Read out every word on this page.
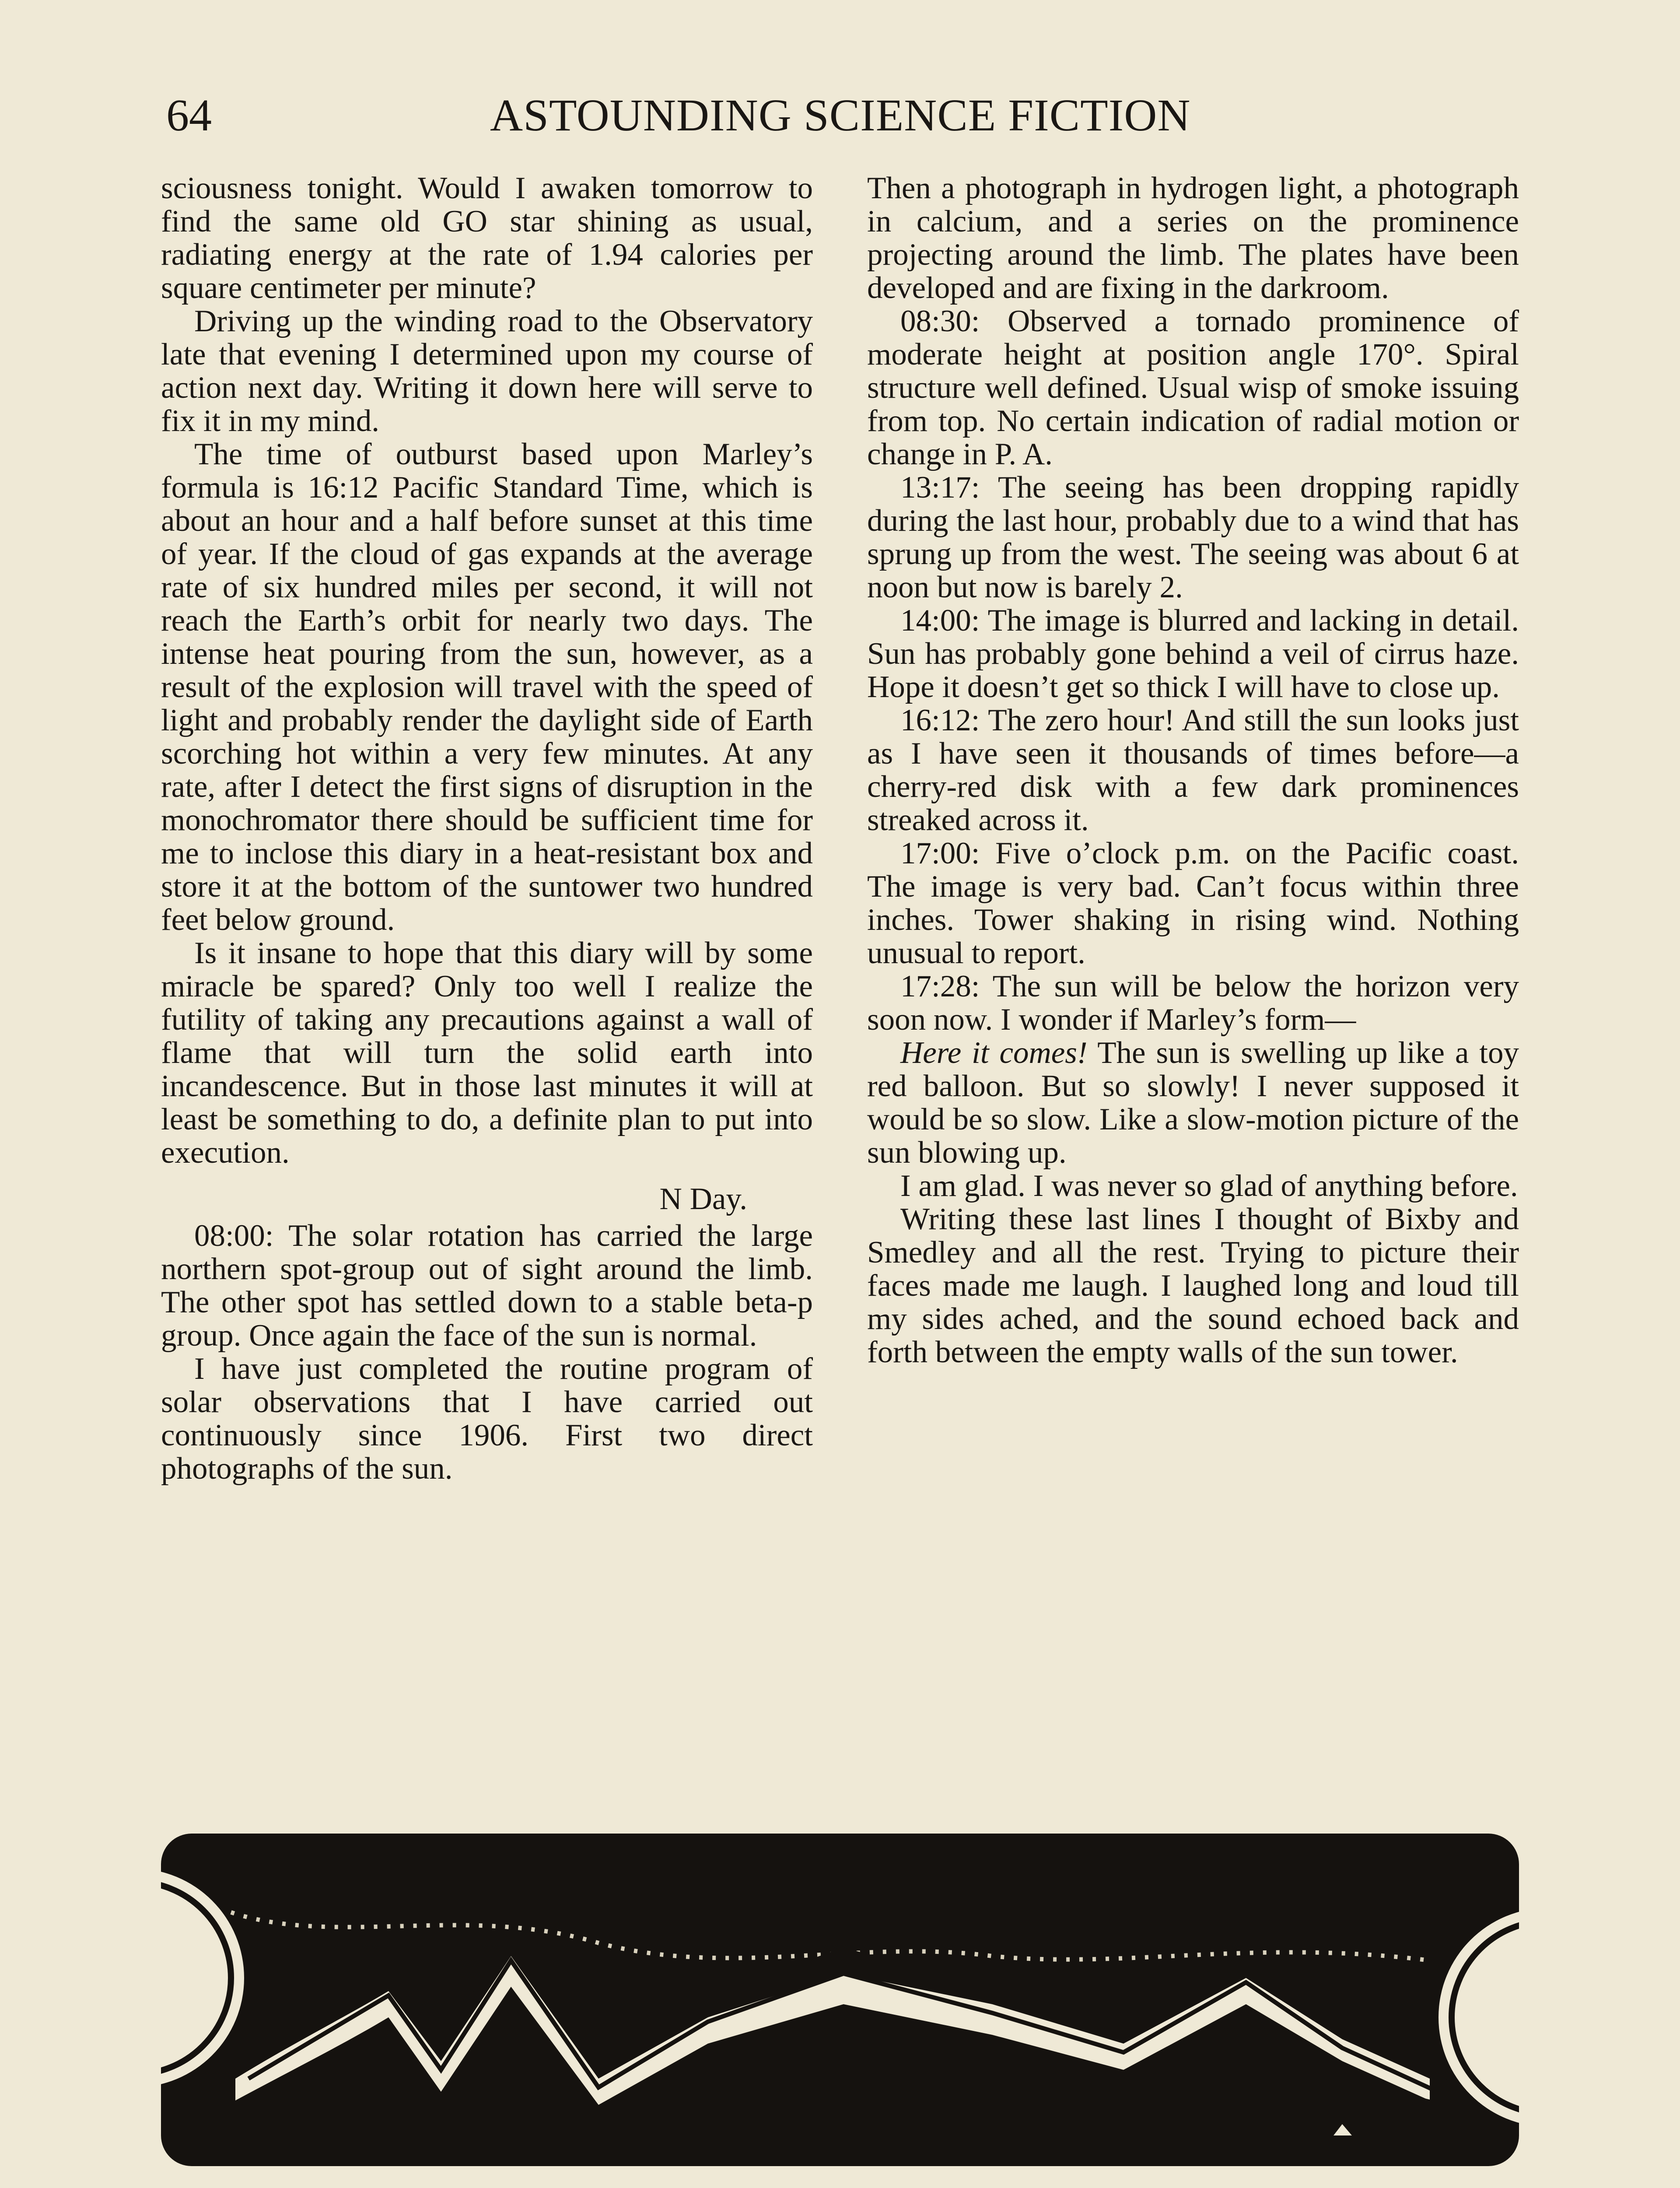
64	ASTOUNDING SCIENCE FICTION

sciousness tonight. Would I awaken tomorrow to find the same old GO star shining as usual, radiating energy at the rate of 1.94 calories per square centimeter per minute?

Driving up the winding road to the Observatory late that evening I determined upon my course of action next day. Writing it down here will serve to fix it in my mind.

The time of outburst based upon Marley’s formula is 16:12 Pacific Standard Time, which is about an hour and a half before sunset at this time of year. If the cloud of gas expands at the average rate of six hundred miles per second, it will not reach the Earth’s orbit for nearly two days. The intense heat pouring from the sun, however, as a result of the explosion will travel with the speed of light and probably render the daylight side of Earth scorching hot within a very few minutes. At any rate, after I detect the first signs of disruption in the monochromator there should be sufficient time for me to inclose this diary in a heat-resistant box and store it at the bottom of the suntower two hundred feet below ground.

Is it insane to hope that this diary will by some miracle be spared? Only too well I realize the futility of taking any precautions against a wall of flame that will turn the solid earth into incandescence. But in those last minutes it will at least be something to do, a definite plan to put into execution.

N Day.

08:00: The solar rotation has carried the large northern spot-group out of sight around the limb. The other spot has settled down to a stable beta-p group. Once again the face of the sun is normal.

I have just completed the routine program of solar observations that I have carried out continuously since 1906. First two direct photographs of the sun.

Then a photograph in hydrogen light, a photograph in calcium, and a series on the prominence projecting around the limb. The plates have been developed and are fixing in the darkroom.

08:30: Observed a tornado prominence of moderate height at position angle 170°. Spiral structure well defined. Usual wisp of smoke issuing from top. No certain indication of radial motion or change in P. A.

13:17: The seeing has been dropping rapidly during the last hour, probably due to a wind that has sprung up from the west. The seeing was about 6 at noon but now is barely 2.

14:00: The image is blurred and lacking in detail. Sun has probably gone behind a veil of cirrus haze. Hope it doesn’t get so thick I will have to close up.

16:12: The zero hour! And still the sun looks just as I have seen it thousands of times before—a cherry-red disk with a few dark prominences streaked across it.

17:00: Five o’clock p.m. on the Pacific coast. The image is very bad. Can’t focus within three inches. Tower shaking in rising wind. Nothing unusual to report.

17:28: The sun will be below the horizon very soon now. I wonder if Marley’s form—

Here it comes! The sun is swelling up like a toy red balloon. But so slowly! I never supposed it would be so slow. Like a slow-motion picture of the sun blowing up.

I am glad. I was never so glad of anything before.

Writing these last lines I thought of Bixby and Smedley and all the rest. Trying to picture their faces made me laugh. I laughed long and loud till my sides ached, and the sound echoed back and forth between the empty walls of the sun tower.
